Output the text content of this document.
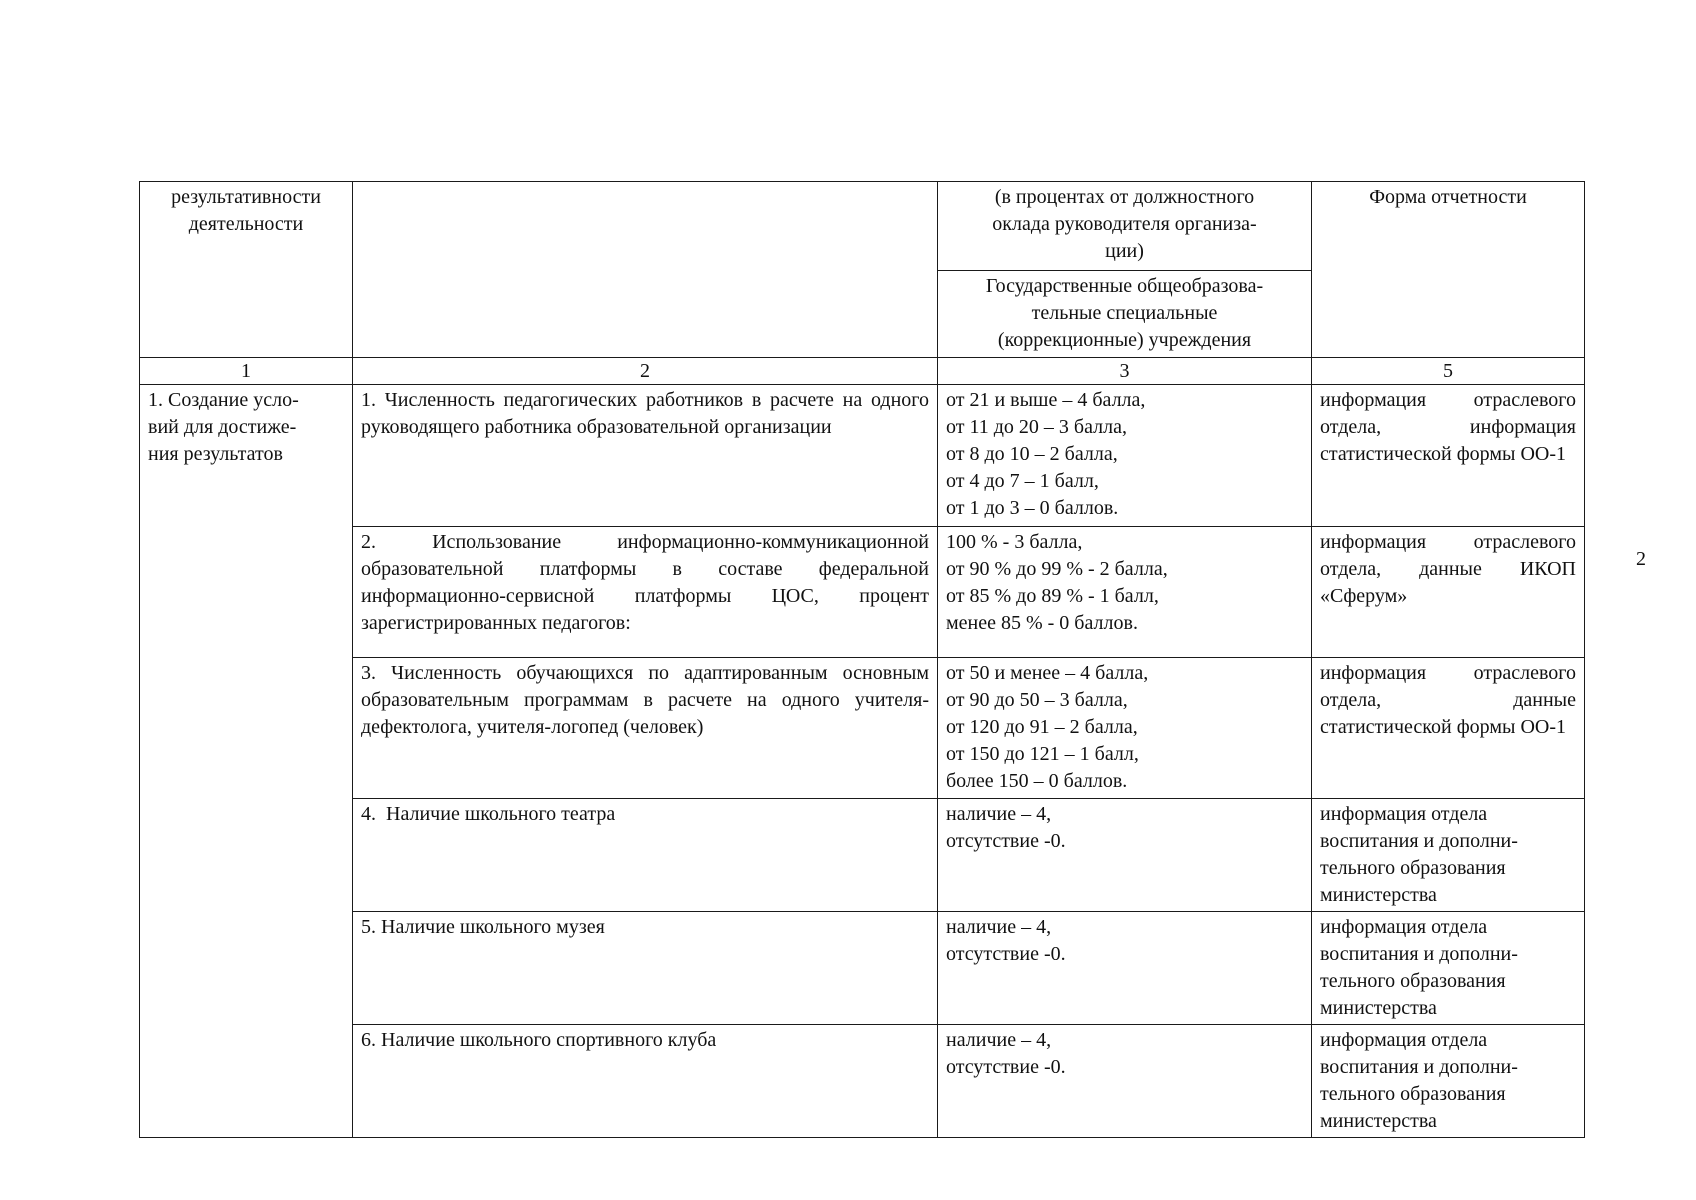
результативности
деятельности		(в процентах от должностного
оклада руководителя организа-
ции)	Форма отчетности

		Государственные общеобразова-
тельные специальные
(коррекционные) учреждения	

1	2	3	5

1. Создание усло-
вий для достиже-
ния результатов	1. Численность педагогических работников в расчете на одного руководящего работника образовательной организации	от 21 и выше – 4 балла,
от 11 до 20 – 3 балла,
от 8 до 10 – 2 балла,
от 4 до 7 – 1 балл,
от 1 до 3 – 0 баллов.	информация отраслевого отдела, информация статистической формы ОО-1
	2. Использование информационно-коммуникационной образовательной платформы в составе федеральной информационно-сервисной платформы ЦОС, процент зарегистрированных педагогов:	100 % - 3 балла,
от 90 % до 99 % - 2 балла,
от 85 % до 89 % - 1 балл,
менее 85 % - 0 баллов.	информация отраслевого отдела, данные ИКОП «Сферум»
	3. Численность обучающихся по адаптированным основным образовательным программам в расчете на одного учителя-дефектолога, учителя-логопед (человек)	от 50 и менее – 4 балла,
от 90 до 50 – 3 балла,
от 120 до 91 – 2 балла,
от 150 до 121 – 1 балл,
более 150 – 0 баллов.	информация отраслевого отдела, данные статистической формы ОО-1
	4.  Наличие школьного театра	наличие – 4,
отсутствие -0.	информация отдела
воспитания и дополни-
тельного образования
министерства

	5. Наличие школьного музея	наличие – 4,
отсутствие -0.	информация отдела
воспитания и дополни-
тельного образования
министерства

	6. Наличие школьного спортивного клуба	наличие – 4,
отсутствие -0.	информация отдела
воспитания и дополни-
тельного образования
министерства
2
